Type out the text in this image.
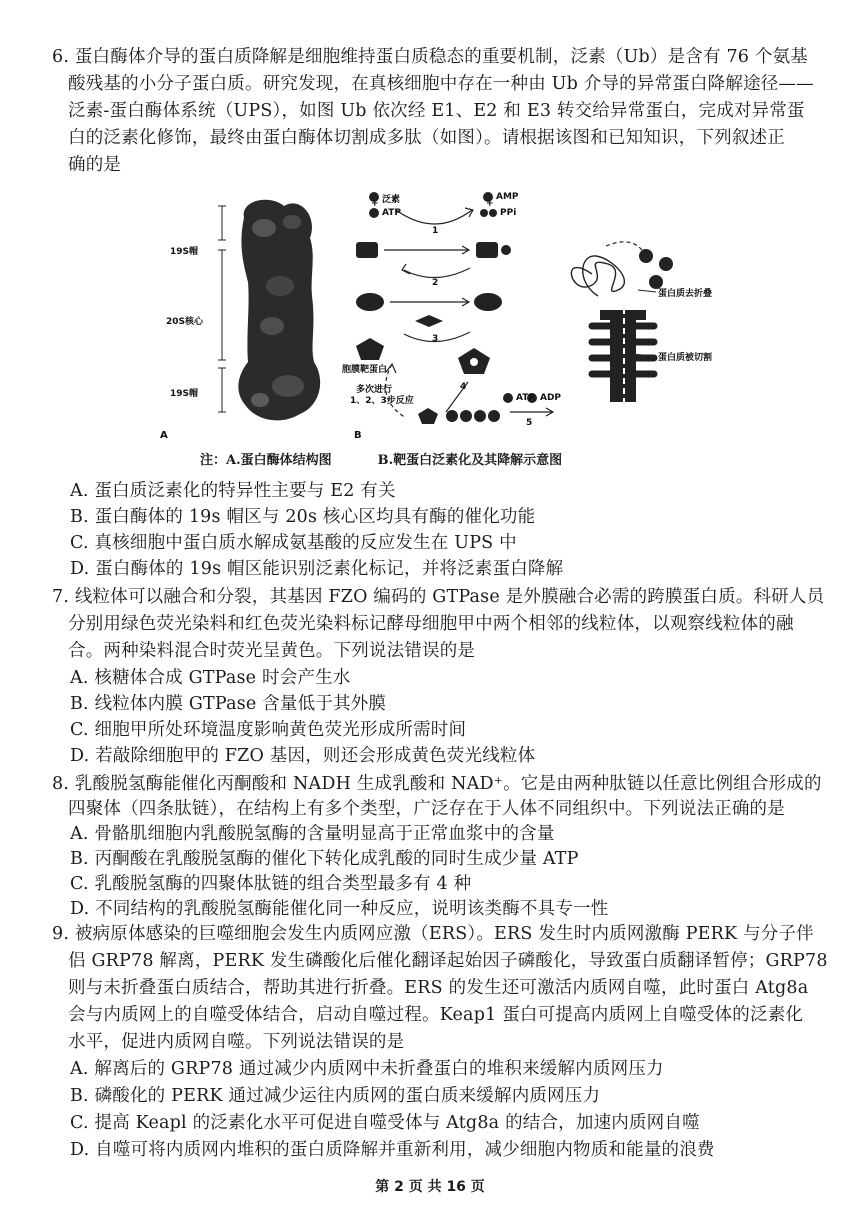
6. 蛋白酶体介导的蛋白质降解是细胞维持蛋白质稳态的重要机制，泛素（Ub）是含有 76 个氨基
酸残基的小分子蛋白质。研究发现，在真核细胞中存在一种由 Ub 介导的异常蛋白降解途径——
泛素-蛋白酶体系统（UPS），如图 Ub 依次经 E1、E2 和 E3 转交给异常蛋白，完成对异常蛋
白的泛素化修饰，最终由蛋白酶体切割成多肽（如图）。请根据该图和已知知识，下列叙述正
确的是
19S帽
20S核心
19S帽
A
泛素
+
ATP
AMP
+
PPi
1
2
3
4
5
胞膜靶蛋白
多次进行
1、2、3步反应	ATP ADP
蛋白质去折叠
蛋白质被切割
B
注：A.蛋白酶体结构图	B.靶蛋白泛素化及其降解示意图
A. 蛋白质泛素化的特异性主要与 E2 有关
B. 蛋白酶体的 19s 帽区与 20s 核心区均具有酶的催化功能
C. 真核细胞中蛋白质水解成氨基酸的反应发生在 UPS 中
D. 蛋白酶体的 19s 帽区能识别泛素化标记，并将泛素蛋白降解
7. 线粒体可以融合和分裂，其基因 FZO 编码的 GTPase 是外膜融合必需的跨膜蛋白质。科研人员
分别用绿色荧光染料和红色荧光染料标记酵母细胞甲中两个相邻的线粒体，以观察线粒体的融
合。两种染料混合时荧光呈黄色。下列说法错误的是
A. 核糖体合成 GTPase 时会产生水
B. 线粒体内膜 GTPase 含量低于其外膜
C. 细胞甲所处环境温度影响黄色荧光形成所需时间
D. 若敲除细胞甲的 FZO 基因，则还会形成黄色荧光线粒体
8. 乳酸脱氢酶能催化丙酮酸和 NADH 生成乳酸和 NAD⁺。它是由两种肽链以任意比例组合形成的
四聚体（四条肽链），在结构上有多个类型，广泛存在于人体不同组织中。下列说法正确的是
A. 骨骼肌细胞内乳酸脱氢酶的含量明显高于正常血浆中的含量
B. 丙酮酸在乳酸脱氢酶的催化下转化成乳酸的同时生成少量 ATP
C. 乳酸脱氢酶的四聚体肽链的组合类型最多有 4 种
D. 不同结构的乳酸脱氢酶能催化同一种反应，说明该类酶不具专一性
9. 被病原体感染的巨噬细胞会发生内质网应激（ERS）。ERS 发生时内质网激酶 PERK 与分子伴
侣 GRP78 解离，PERK 发生磷酸化后催化翻译起始因子磷酸化，导致蛋白质翻译暂停；GRP78
则与未折叠蛋白质结合，帮助其进行折叠。ERS 的发生还可激活内质网自噬，此时蛋白 Atg8a
会与内质网上的自噬受体结合，启动自噬过程。Keap1 蛋白可提高内质网上自噬受体的泛素化
水平，促进内质网自噬。下列说法错误的是
A. 解离后的 GRP78 通过减少内质网中未折叠蛋白的堆积来缓解内质网压力
B. 磷酸化的 PERK 通过减少运往内质网的蛋白质来缓解内质网压力
C. 提高 Keapl 的泛素化水平可促进自噬受体与 Atg8a 的结合，加速内质网自噬
D. 自噬可将内质网内堆积的蛋白质降解并重新利用，减少细胞内物质和能量的浪费
第 2 页 共 16 页
